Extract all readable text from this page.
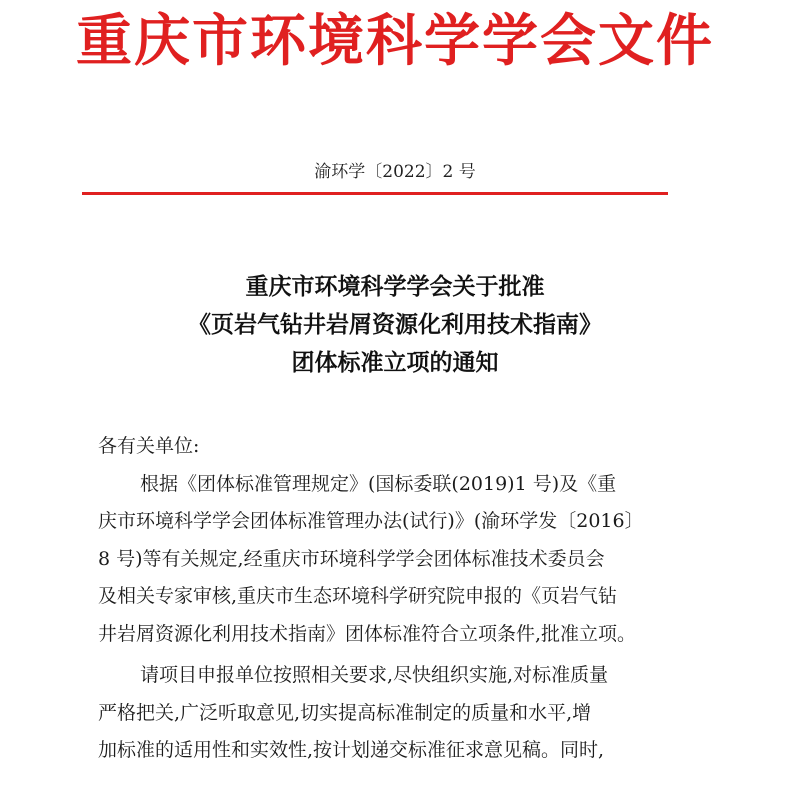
重庆市环境科学学会文件
渝环学〔2022〕2 号
重庆市环境科学学会关于批准
《页岩气钻井岩屑资源化利用技术指南》
团体标准立项的通知
各有关单位:
根据《团体标准管理规定》(国标委联(2019)1 号)及《重
庆市环境科学学会团体标准管理办法(试行)》(渝环学发〔2016〕
8 号)等有关规定,经重庆市环境科学学会团体标准技术委员会
及相关专家审核,重庆市生态环境科学研究院申报的《页岩气钻
井岩屑资源化利用技术指南》团体标准符合立项条件,批准立项。
请项目申报单位按照相关要求,尽快组织实施,对标准质量
严格把关,广泛听取意见,切实提高标准制定的质量和水平,增
加标准的适用性和实效性,按计划递交标准征求意见稿。同时,
